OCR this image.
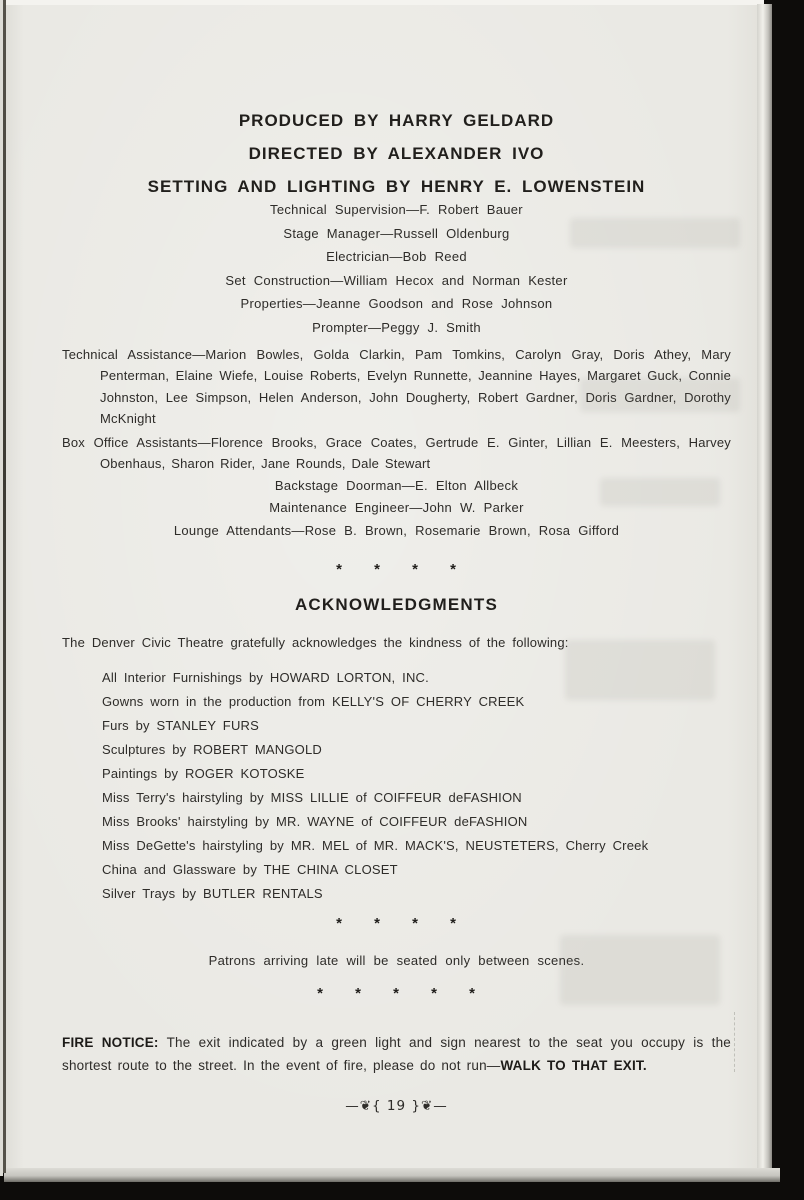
PRODUCED BY HARRY GELDARD
DIRECTED BY ALEXANDER IVO
SETTING AND LIGHTING BY HENRY E. LOWENSTEIN
Technical Supervision—F. Robert Bauer
Stage Manager—Russell Oldenburg
Electrician—Bob Reed
Set Construction—William Hecox and Norman Kester
Properties—Jeanne Goodson and Rose Johnson
Prompter—Peggy J. Smith

Technical Assistance—Marion Bowles, Golda Clarkin, Pam Tomkins, Carolyn Gray, Doris Athey, Mary Penterman, Elaine Wiefe, Louise Roberts, Evelyn Runnette, Jeannine Hayes, Margaret Guck, Connie Johnston, Lee Simpson, Helen Anderson, John Dougherty, Robert Gardner, Doris Gardner, Dorothy McKnight

Box Office Assistants—Florence Brooks, Grace Coates, Gertrude E. Ginter, Lillian E. Meesters, Harvey Obenhaus, Sharon Rider, Jane Rounds, Dale Stewart

Backstage Doorman—E. Elton Allbeck
Maintenance Engineer—John W. Parker
Lounge Attendants—Rose B. Brown, Rosemarie Brown, Rosa Gifford
* * * *
ACKNOWLEDGMENTS
The Denver Civic Theatre gratefully acknowledges the kindness of the following:
All Interior Furnishings by HOWARD LORTON, INC.
Gowns worn in the production from KELLY'S OF CHERRY CREEK
Furs by STANLEY FURS
Sculptures by ROBERT MANGOLD
Paintings by ROGER KOTOSKE
Miss Terry's hairstyling by MISS LILLIE of COIFFEUR deFASHION
Miss Brooks' hairstyling by MR. WAYNE of COIFFEUR deFASHION
Miss DeGette's hairstyling by MR. MEL of MR. MACK'S, NEUSTETERS, Cherry Creek
China and Glassware by THE CHINA CLOSET
Silver Trays by BUTLER RENTALS
* * * *
Patrons arriving late will be seated only between scenes.
* * * * *

FIRE NOTICE: The exit indicated by a green light and sign nearest to the seat you occupy is the shortest route to the street. In the event of fire, please do not run—WALK TO THAT EXIT.

—❦{ 19 }❦—
